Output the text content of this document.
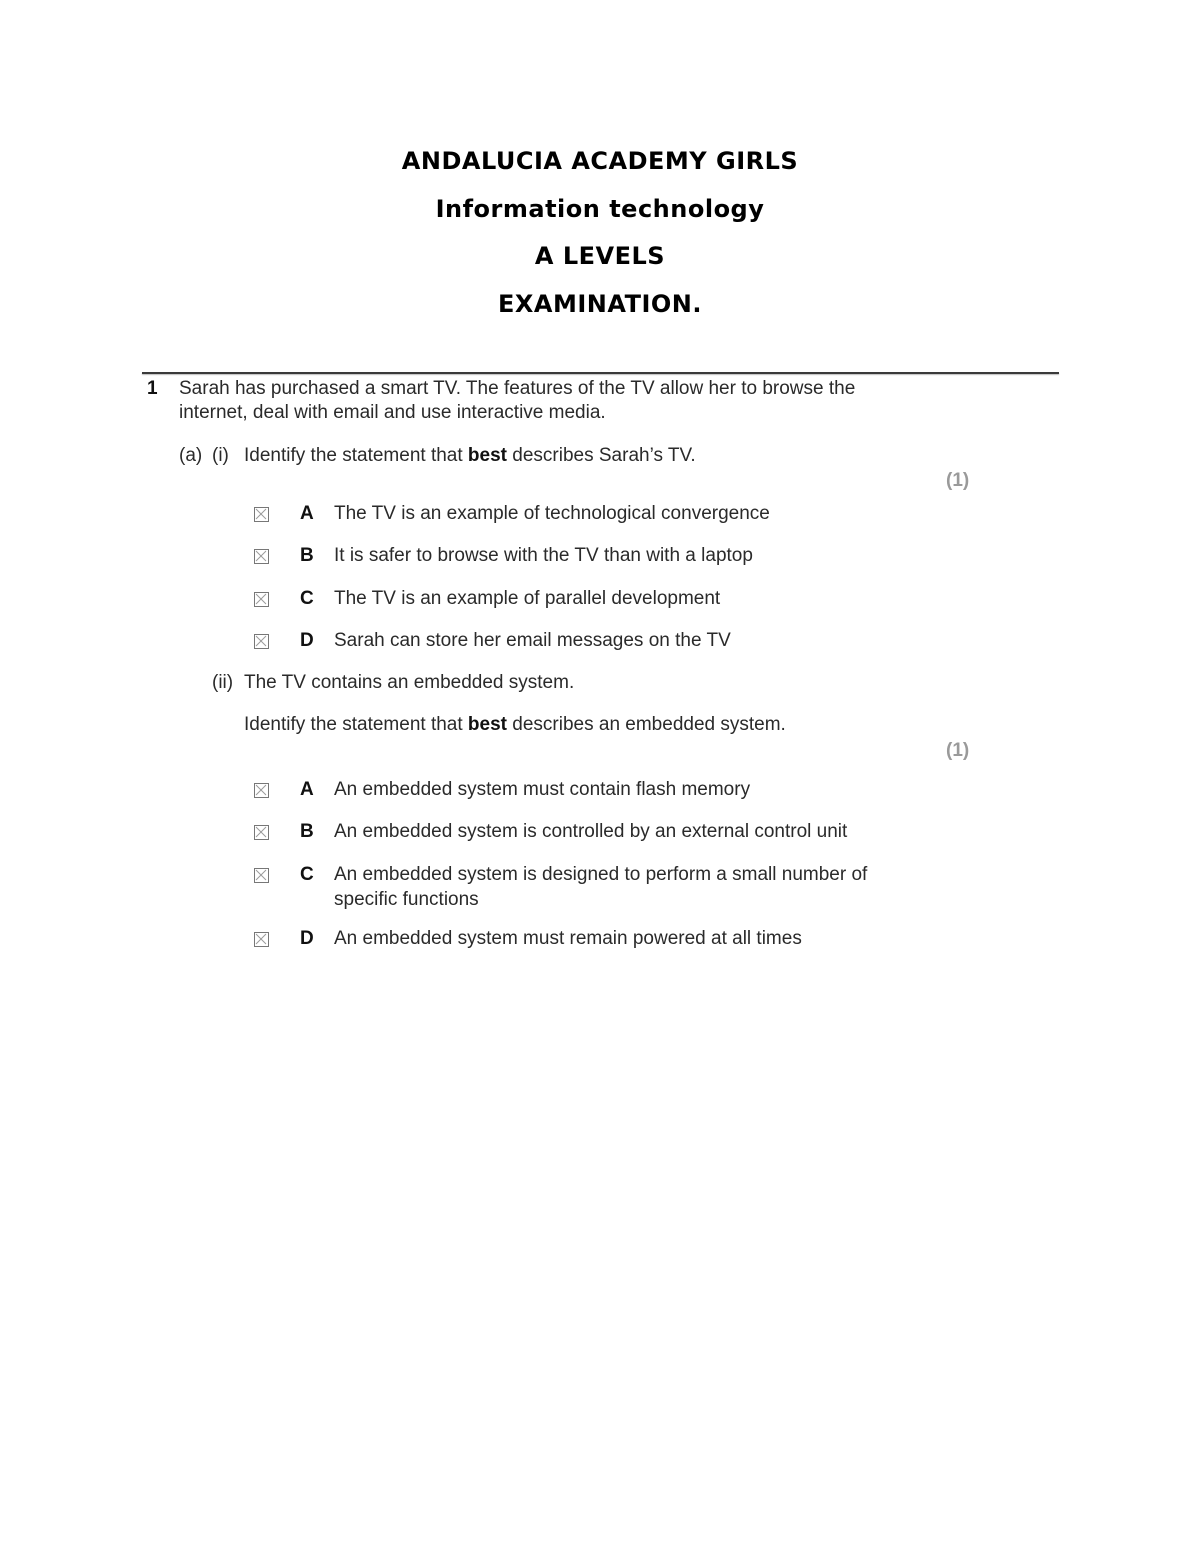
ANDALUCIA ACADEMY GIRLS
Information technology
A LEVELS
EXAMINATION.
1 Sarah has purchased a smart TV. The features of the TV allow her to browse the
internet, deal with email and use interactive media.
(a) (i) Identify the statement that best describes Sarah’s TV.
(1)
A The TV is an example of technological convergence
B It is safer to browse with the TV than with a laptop
C The TV is an example of parallel development
D Sarah can store her email messages on the TV
(ii) The TV contains an embedded system.
Identify the statement that best describes an embedded system.
(1)
A An embedded system must contain flash memory
B An embedded system is controlled by an external control unit
C An embedded system is designed to perform a small number of specific functions
D An embedded system must remain powered at all times
